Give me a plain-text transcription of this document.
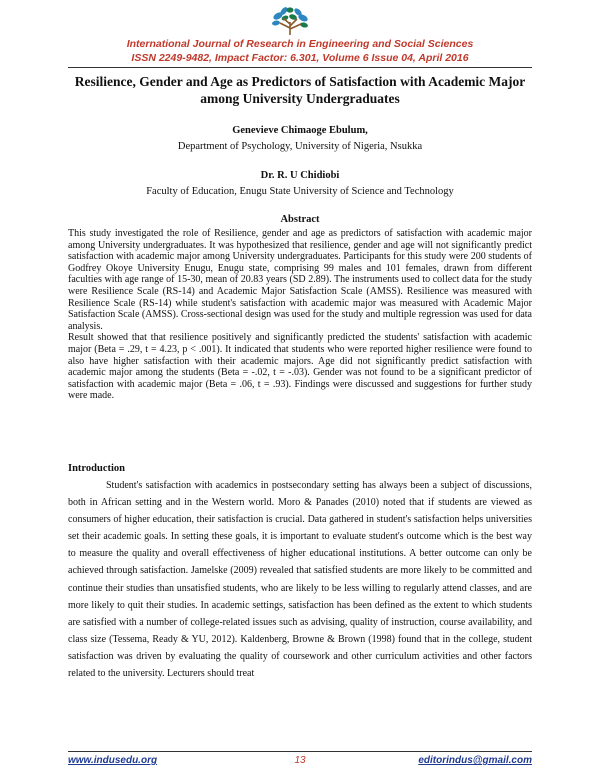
International Journal of Research in Engineering and Social Sciences
ISSN 2249-9482, Impact Factor: 6.301, Volume 6 Issue 04, April 2016
Resilience, Gender and Age as Predictors of Satisfaction with Academic Major among University Undergraduates
Genevieve Chimaoge Ebulum,
Department of Psychology, University of Nigeria, Nsukka
Dr. R. U Chidiobi
Faculty of Education, Enugu State University of Science and Technology
Abstract

This study investigated the role of Resilience, gender and age as predictors of satisfaction with academic major among University undergraduates. It was hypothesized that resilience, gender and age will not significantly predict satisfaction with academic major among University undergraduates. Participants for this study were 200 students of Godfrey Okoye University Enugu, Enugu state, comprising 99 males and 101 females, drawn from different faculties with age range of 15-30, mean of 20.83 years (SD 2.89). The instruments used to collect data for the study were Resilience Scale (RS-14) and Academic Major Satisfaction Scale (AMSS). Resilience was measured with Resilience Scale (RS-14) while student's satisfaction with academic major was measured with Academic Major Satisfaction Scale (AMSS). Cross-sectional design was used for the study and multiple regression was used for data analysis.

Result showed that that resilience positively and significantly predicted the students' satisfaction with academic major (Beta = .29, t = 4.23, p < .001). It indicated that students who were reported higher resilience were found to also have higher satisfaction with their academic majors. Age did not significantly predict satisfaction with academic major among the students (Beta = -.02, t = -.03). Gender was not found to be a significant predictor of satisfaction with academic major (Beta = .06, t = .93). Findings were discussed and suggestions for further study were made.

Introduction

Student's satisfaction with academics in postsecondary setting has always been a subject of discussions, both in African setting and in the Western world. Moro & Panades (2010) noted that if students are viewed as consumers of higher education, their satisfaction is crucial. Data gathered in student's satisfaction helps universities set their academic goals. In setting these goals, it is important to evaluate student's outcome which is the best way to measure the quality and overall effectiveness of higher educational institutions. A better outcome can only be achieved through satisfaction. Jamelske (2009) revealed that satisfied students are more likely to be committed and continue their studies than unsatisfied students, who are likely to be less willing to regularly attend classes, and are more likely to quit their studies. In academic settings, satisfaction has been defined as the extent to which students are satisfied with a number of college-related issues such as advising, quality of instruction, course availability, and class size (Tessema, Ready & YU, 2012). Kaldenberg, Browne & Brown (1998) found that in the college, student satisfaction was driven by evaluating the quality of coursework and other curriculum activities and other factors related to the university. Lecturers should treat

www.indusedu.org	13	editorindus@gmail.com
